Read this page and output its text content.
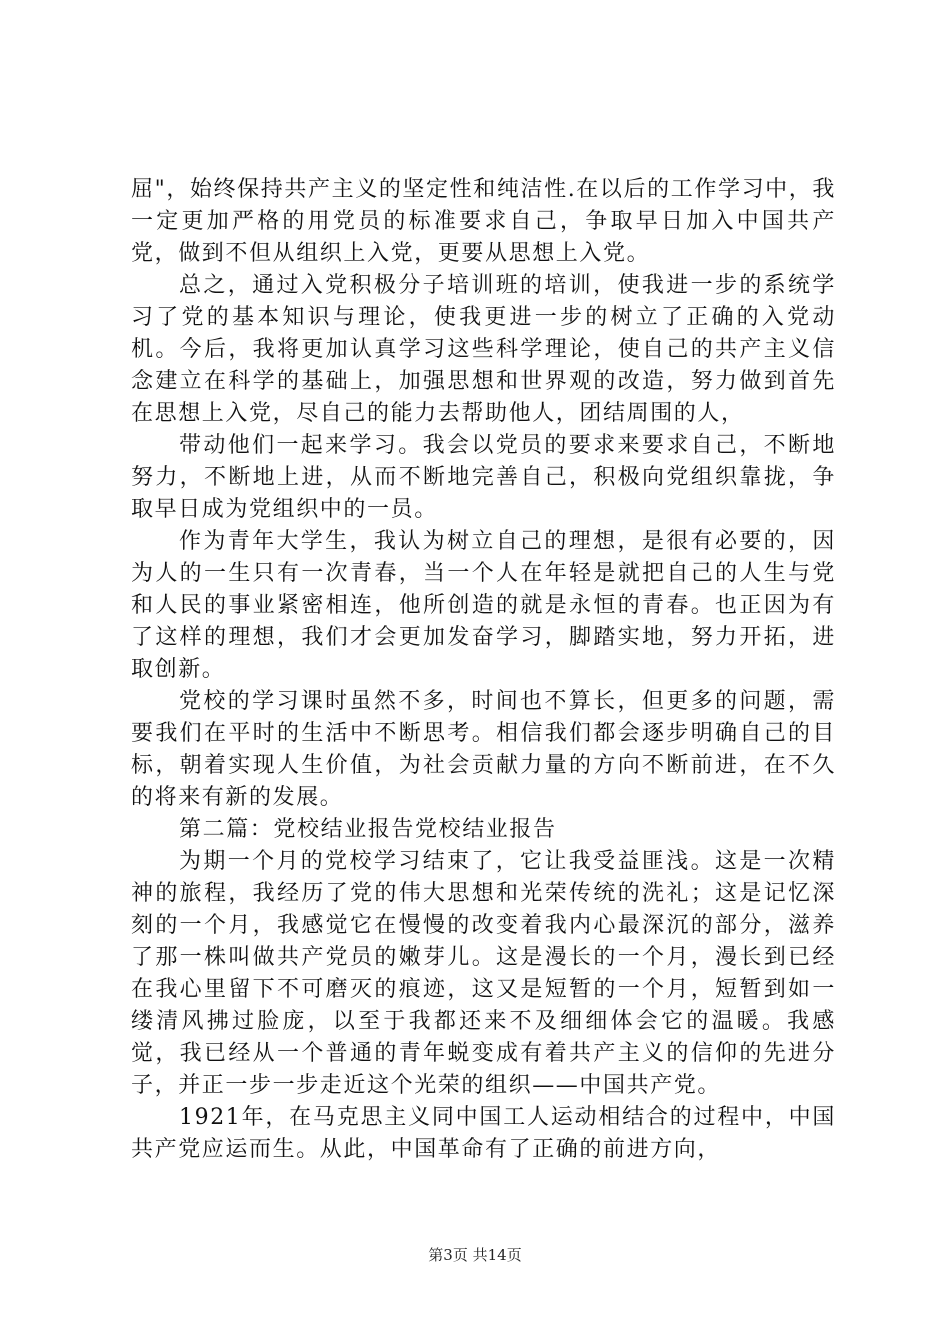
屈"，始终保持共产主义的坚定性和纯洁性.在以后的工作学习中，我一定更加严格的用党员的标准要求自己，争取早日加入中国共产党，做到不但从组织上入党，更要从思想上入党。

总之，通过入党积极分子培训班的培训，使我进一步的系统学习了党的基本知识与理论，使我更进一步的树立了正确的入党动机。今后，我将更加认真学习这些科学理论，使自己的共产主义信念建立在科学的基础上，加强思想和世界观的改造，努力做到首先在思想上入党，尽自己的能力去帮助他人，团结周围的人，

带动他们一起来学习。我会以党员的要求来要求自己，不断地努力，不断地上进，从而不断地完善自己，积极向党组织靠拢，争取早日成为党组织中的一员。

作为青年大学生，我认为树立自己的理想，是很有必要的，因为人的一生只有一次青春，当一个人在年轻是就把自己的人生与党和人民的事业紧密相连，他所创造的就是永恒的青春。也正因为有了这样的理想，我们才会更加发奋学习，脚踏实地，努力开拓，进取创新。

党校的学习课时虽然不多，时间也不算长，但更多的问题，需要我们在平时的生活中不断思考。相信我们都会逐步明确自己的目标，朝着实现人生价值，为社会贡献力量的方向不断前进，在不久的将来有新的发展。

第二篇：党校结业报告党校结业报告

为期一个月的党校学习结束了，它让我受益匪浅。这是一次精神的旅程，我经历了党的伟大思想和光荣传统的洗礼；这是记忆深刻的一个月，我感觉它在慢慢的改变着我内心最深沉的部分，滋养了那一株叫做共产党员的嫩芽儿。这是漫长的一个月，漫长到已经在我心里留下不可磨灭的痕迹，这又是短暂的一个月，短暂到如一缕清风拂过脸庞，以至于我都还来不及细细体会它的温暖。我感觉，我已经从一个普通的青年蜕变成有着共产主义的信仰的先进分子，并正一步一步走近这个光荣的组织——中国共产党。

1921年，在马克思主义同中国工人运动相结合的过程中，中国共产党应运而生。从此，中国革命有了正确的前进方向，

第3页 共14页
